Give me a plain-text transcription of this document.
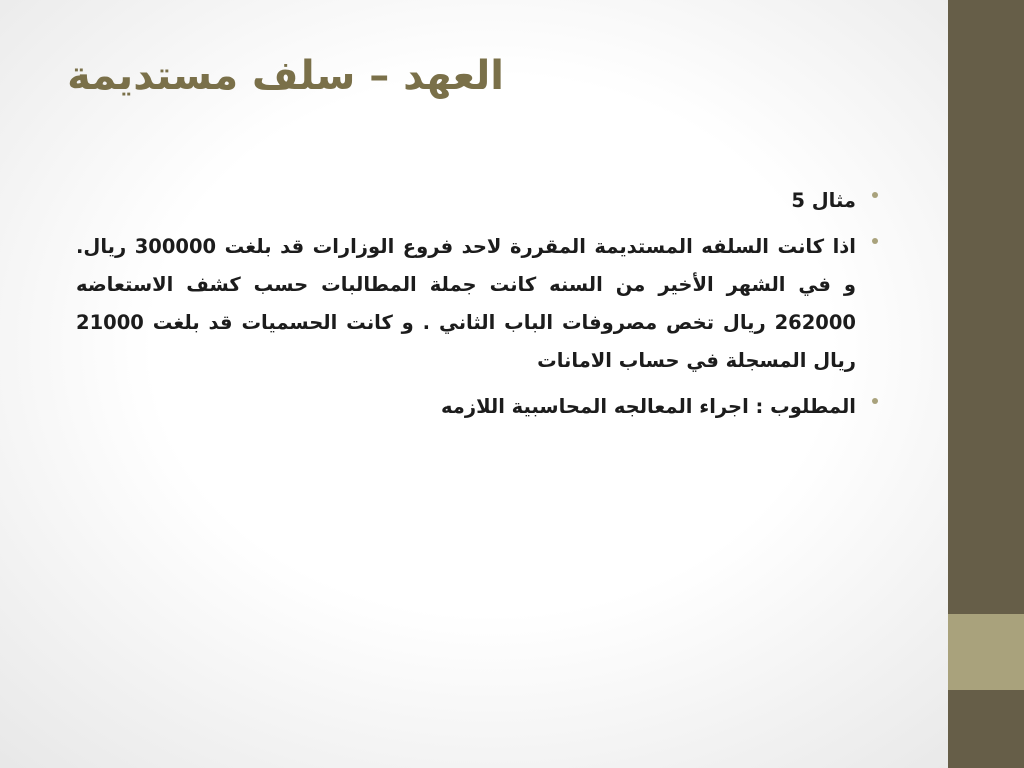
العهد – سلف مستديمة
مثال 5
اذا كانت السلفه المستديمة المقررة لاحد فروع الوزارات قد بلغت 300000 ريال. و في الشهر الأخير من السنه كانت جملة المطالبات حسب كشف الاستعاضه 262000 ريال تخص مصروفات الباب الثاني . و كانت الحسميات قد بلغت 21000 ريال المسجلة في حساب الامانات
المطلوب : اجراء المعالجه المحاسبية اللازمه
